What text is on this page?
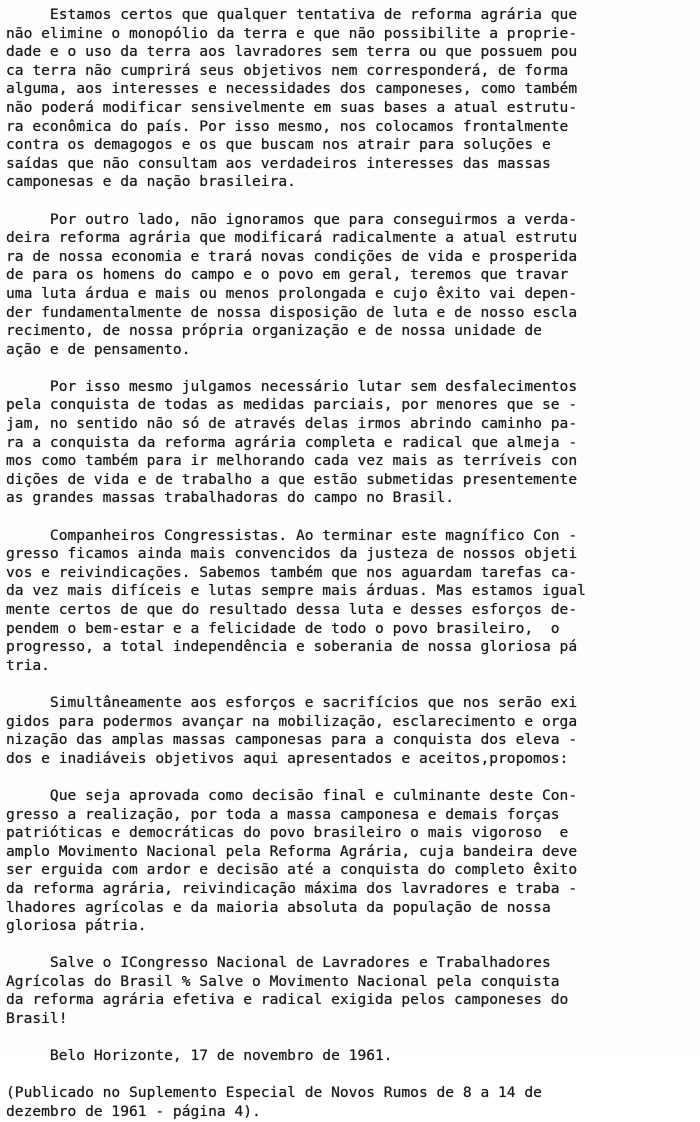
Estamos certos que qualquer tentativa de reforma agrária que
não elimine o monopólio da terra e que não possibilite a proprie-
dade e o uso da terra aos lavradores sem terra ou que possuem pou
ca terra não cumprirá seus objetivos nem corresponderá, de forma
alguma, aos interesses e necessidades dos camponeses, como também
não poderá modificar sensivelmente em suas bases a atual estrutu-
ra econômica do país. Por isso mesmo, nos colocamos frontalmente
contra os demagogos e os que buscam nos atrair para soluções e
saídas que não consultam aos verdadeiros interesses das massas
camponesas e da nação brasileira.
Por outro lado, não ignoramos que para conseguirmos a verda-
deira reforma agrária que modificará radicalmente a atual estrutu
ra de nossa economia e trará novas condições de vida e prosperida
de para os homens do campo e o povo em geral, teremos que travar
uma luta árdua e mais ou menos prolongada e cujo êxito vai depen-
der fundamentalmente de nossa disposição de luta e de nosso escla
recimento, de nossa própria organização e de nossa unidade de
ação e de pensamento.
Por isso mesmo julgamos necessário lutar sem desfalecimentos
pela conquista de todas as medidas parciais, por menores que se -
jam, no sentido não só de através delas irmos abrindo caminho pa-
ra a conquista da reforma agrária completa e radical que almeja -
mos como também para ir melhorando cada vez mais as terríveis con
dições de vida e de trabalho a que estão submetidas presentemente
as grandes massas trabalhadoras do campo no Brasil.
Companheiros Congressistas. Ao terminar este magnífico Con -
gresso ficamos ainda mais convencidos da justeza de nossos objeti
vos e reivindicações. Sabemos também que nos aguardam tarefas ca-
da vez mais difíceis e lutas sempre mais árduas. Mas estamos igual
mente certos de que do resultado dessa luta e desses esforços de-
pendem o bem-estar e a felicidade de todo o povo brasileiro,  o
progresso, a total independência e soberania de nossa gloriosa pá
tria.
Simultâneamente aos esforços e sacrifícios que nos serão exi
gidos para podermos avançar na mobilização, esclarecimento e orga
nização das amplas massas camponesas para a conquista dos eleva -
dos e inadiáveis objetivos aqui apresentados e aceitos,propomos:
Que seja aprovada como decisão final e culminante deste Con-
gresso a realização, por toda a massa camponesa e demais forças
patrióticas e democráticas do povo brasileiro o mais vigoroso  e
amplo Movimento Nacional pela Reforma Agrária, cuja bandeira deve
ser erguida com ardor e decisão até a conquista do completo êxito
da reforma agrária, reivindicação máxima dos lavradores e traba -
lhadores agrícolas e da maioria absoluta da população de nossa
gloriosa pátria.
Salve o ICongresso Nacional de Lavradores e Trabalhadores
Agrícolas do Brasil % Salve o Movimento Nacional pela conquista
da reforma agrária efetiva e radical exigida pelos camponeses do
Brasil!
Belo Horizonte, 17 de novembro de 1961.
(Publicado no Suplemento Especial de Novos Rumos de 8 a 14 de
dezembro de 1961 - página 4).
